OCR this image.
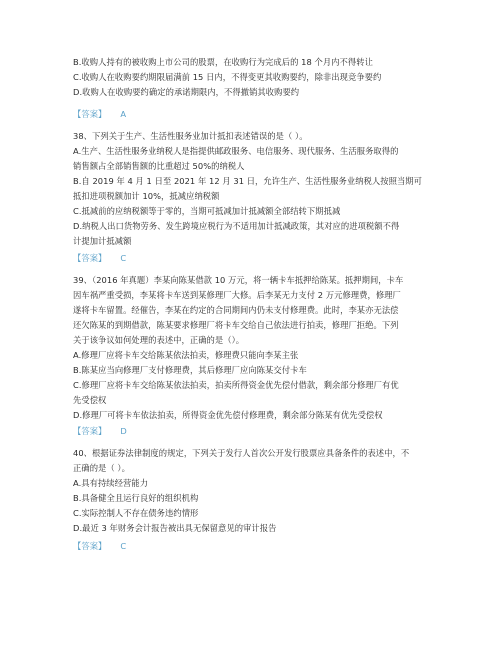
B.收购人持有的被收购上市公司的股票，在收购行为完成后的 18 个月内不得转让
C.收购人在收购要约期限届满前 15 日内，不得变更其收购要约，除非出现竞争要约
D.收购人在收购要约确定的承诺期限内，不得撤销其收购要约
【答案】 A
38、下列关于生产、生活性服务业加计抵扣表述错误的是（ ）。
A.生产、生活性服务业纳税人是指提供邮政服务、电信服务、现代服务、生活服务取得的
销售额占全部销售额的比重超过 50%的纳税人
B.自 2019 年 4 月 1 日至 2021 年 12 月 31 日，允许生产、生活性服务业纳税人按照当期可
抵扣进项税额加计 10%，抵减应纳税额
C.抵减前的应纳税额等于零的，当期可抵减加计抵减额全部结转下期抵减
D.纳税人出口货物劳务、发生跨境应税行为不适用加计抵减政策，其对应的进项税额不得
计提加计抵减额
【答案】 C
39、（2016 年真题）李某向陈某借款 10 万元，将一辆卡车抵押给陈某。抵押期间，卡车
因车祸严重受损，李某将卡车送到某修理厂大修。后李某无力支付 2 万元修理费，修理厂
遂将卡车留置。经催告，李某在约定的合同期间内仍未支付修理费。此时，李某亦无法偿
还欠陈某的到期借款，陈某要求修理厂将卡车交给自己依法进行拍卖，修理厂拒绝。下列
关于该争议如何处理的表述中，正确的是（）。
A.修理厂应将卡车交给陈某依法拍卖，修理费只能向李某主张
B.陈某应当向修理厂支付修理费，其后修理厂应向陈某交付卡车
C.修理厂应将卡车交给陈某依法拍卖，拍卖所得资金优先偿付借款，剩余部分修理厂有优
先受偿权
D.修理厂可将卡车依法拍卖，所得资金优先偿付修理费，剩余部分陈某有优先受偿权
【答案】 D
40、根据证券法律制度的规定，下列关于发行人首次公开发行股票应具备条件的表述中，不
正确的是（ ）。
A.具有持续经营能力
B.具备健全且运行良好的组织机构
C.实际控制人不存在债务违约情形
D.最近 3 年财务会计报告被出具无保留意见的审计报告
【答案】 C
